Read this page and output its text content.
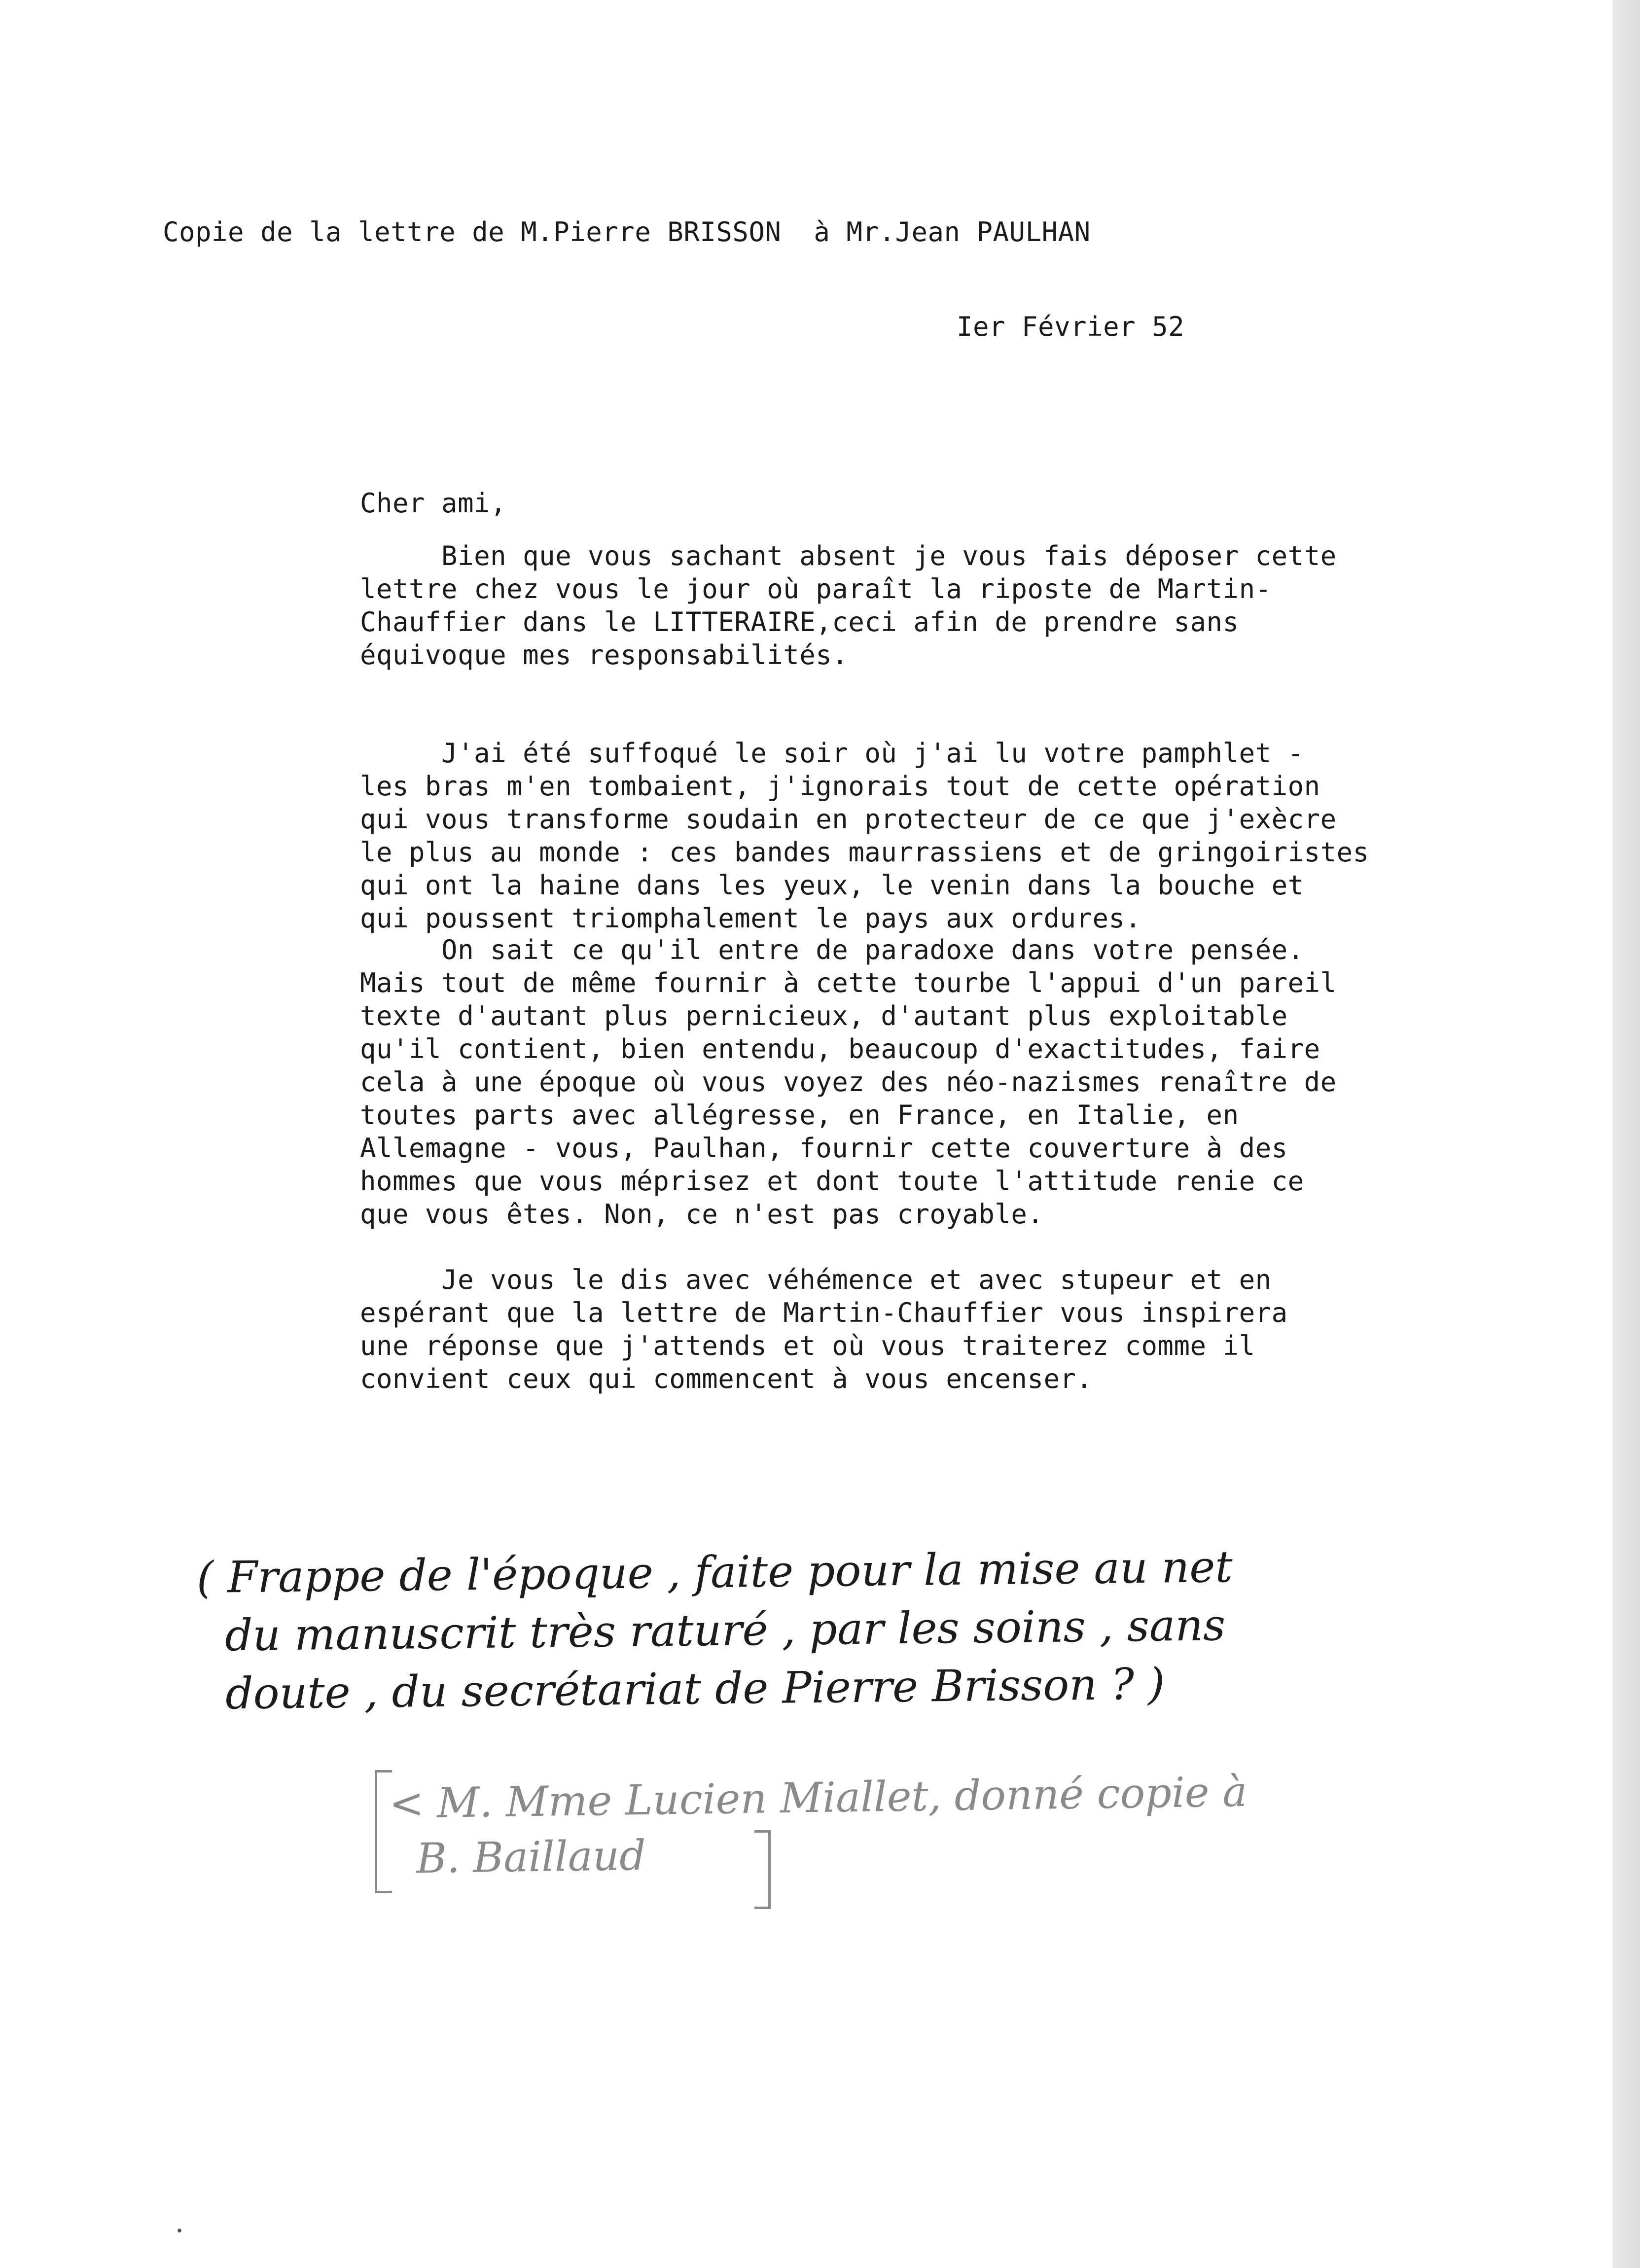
Copie de la lettre de M.Pierre BRISSON  à Mr.Jean PAULHAN
Ier Février 52
Cher ami,
Bien que vous sachant absent je vous fais déposer cette
lettre chez vous le jour où paraît la riposte de Martin-
Chauffier dans le LITTERAIRE,ceci afin de prendre sans
équivoque mes responsabilités.
J'ai été suffoqué le soir où j'ai lu votre pamphlet -
les bras m'en tombaient, j'ignorais tout de cette opération
qui vous transforme soudain en protecteur de ce que j'exècre
le plus au monde : ces bandes maurrassiens et de gringoiristes
qui ont la haine dans les yeux, le venin dans la bouche et
qui poussent triomphalement le pays aux ordures.
On sait ce qu'il entre de paradoxe dans votre pensée.
Mais tout de même fournir à cette tourbe l'appui d'un pareil
texte d'autant plus pernicieux, d'autant plus exploitable
qu'il contient, bien entendu, beaucoup d'exactitudes, faire
cela à une époque où vous voyez des néo-nazismes renaître de
toutes parts avec allégresse, en France, en Italie, en
Allemagne - vous, Paulhan, fournir cette couverture à des
hommes que vous méprisez et dont toute l'attitude renie ce
que vous êtes. Non, ce n'est pas croyable.
Je vous le dis avec véhémence et avec stupeur et en
espérant que la lettre de Martin-Chauffier vous inspirera
une réponse que j'attends et où vous traiterez comme il
convient ceux qui commencent à vous encenser.
( Frappe de l'époque , faite pour la mise au net
du manuscrit très raturé , par les soins , sans
doute , du secrétariat de Pierre Brisson ? )
< M. Mme Lucien Miallet, donné copie à
B. Baillaud
